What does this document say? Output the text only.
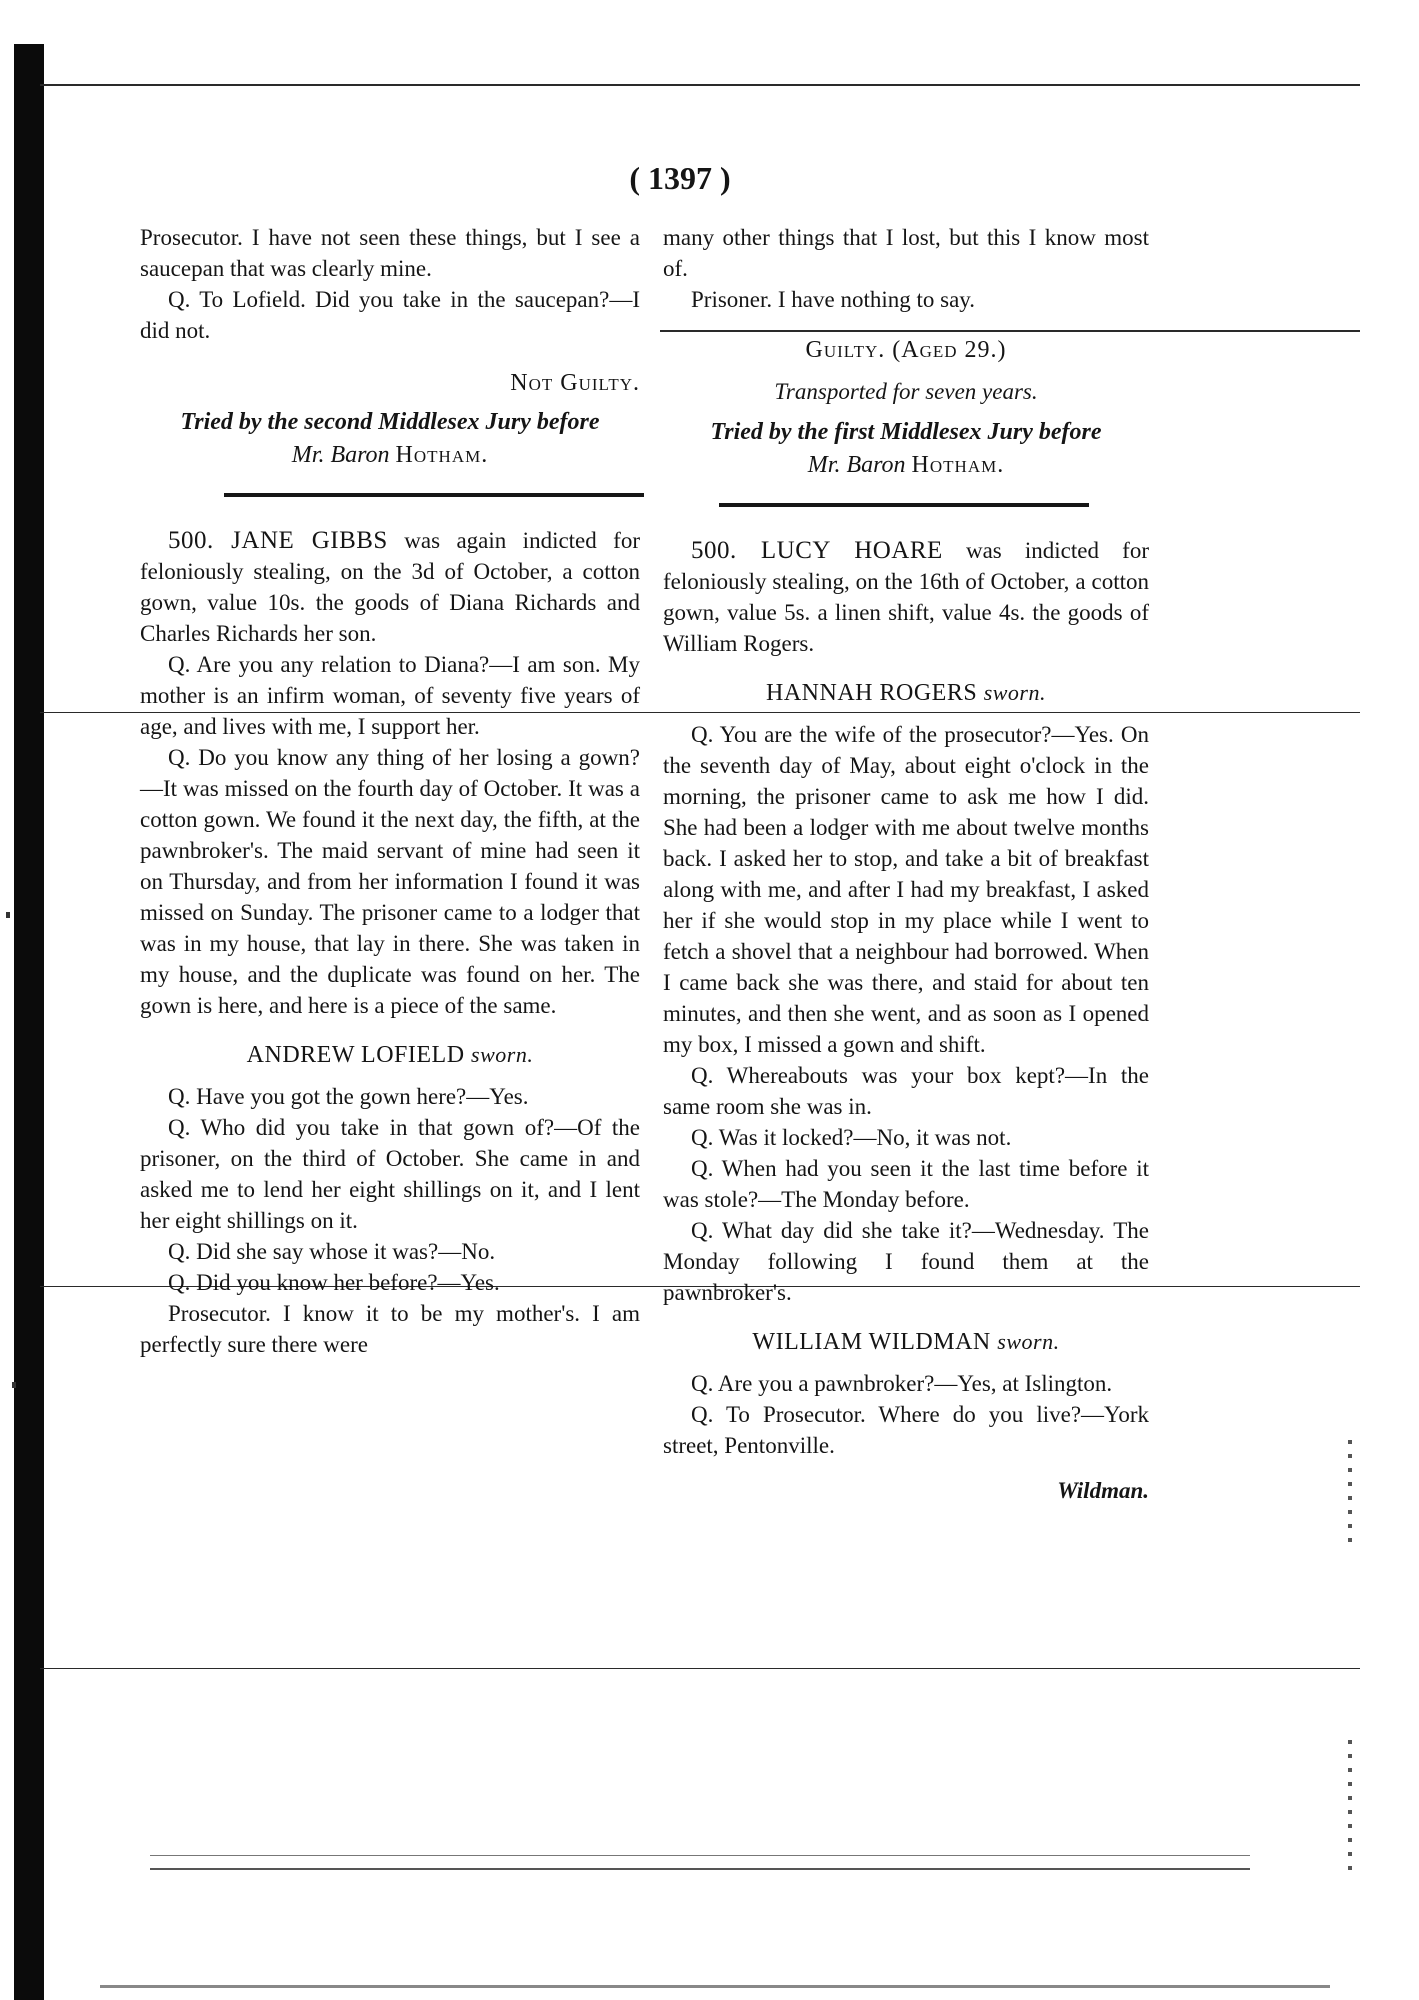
( 1397 )

Prosecutor. I have not seen these things, but I see a saucepan that was clearly mine.

Q. To Lofield. Did you take in the saucepan?—I did not.

Not Guilty.
Tried by the second Middlesex Jury before
Mr. Baron Hotham.

500. JANE GIBBS was again indicted for feloniously stealing, on the 3d of October, a cotton gown, value 10s. the goods of Diana Richards and Charles Richards her son.

Q. Are you any relation to Diana?—I am son. My mother is an infirm woman, of seventy five years of age, and lives with me, I support her.

Q. Do you know any thing of her losing a gown?—It was missed on the fourth day of October. It was a cotton gown. We found it the next day, the fifth, at the pawnbroker's. The maid servant of mine had seen it on Thursday, and from her information I found it was missed on Sunday. The prisoner came to a lodger that was in my house, that lay in there. She was taken in my house, and the duplicate was found on her. The gown is here, and here is a piece of the same.

ANDREW LOFIELD sworn.

Q. Have you got the gown here?—Yes.

Q. Who did you take in that gown of?—Of the prisoner, on the third of October. She came in and asked me to lend her eight shillings on it, and I lent her eight shillings on it.

Q. Did she say whose it was?—No.

Q. Did you know her before?—Yes.

Prosecutor. I know it to be my mother's. I am perfectly sure there were

many other things that I lost, but this I know most of.

Prisoner. I have nothing to say.

Guilty. (Aged 29.)
Transported for seven years.
Tried by the first Middlesex Jury before
Mr. Baron Hotham.

500. LUCY HOARE was indicted for feloniously stealing, on the 16th of October, a cotton gown, value 5s. a linen shift, value 4s. the goods of William Rogers.

HANNAH ROGERS sworn.

Q. You are the wife of the prosecutor?—Yes. On the seventh day of May, about eight o'clock in the morning, the prisoner came to ask me how I did. She had been a lodger with me about twelve months back. I asked her to stop, and take a bit of breakfast along with me, and after I had my breakfast, I asked her if she would stop in my place while I went to fetch a shovel that a neighbour had borrowed. When I came back she was there, and staid for about ten minutes, and then she went, and as soon as I opened my box, I missed a gown and shift.

Q. Whereabouts was your box kept?—In the same room she was in.

Q. Was it locked?—No, it was not.

Q. When had you seen it the last time before it was stole?—The Monday before.

Q. What day did she take it?—Wednesday. The Monday following I found them at the pawnbroker's.

WILLIAM WILDMAN sworn.

Q. Are you a pawnbroker?—Yes, at Islington.

Q. To Prosecutor. Where do you live?—York street, Pentonville.

Wildman.
